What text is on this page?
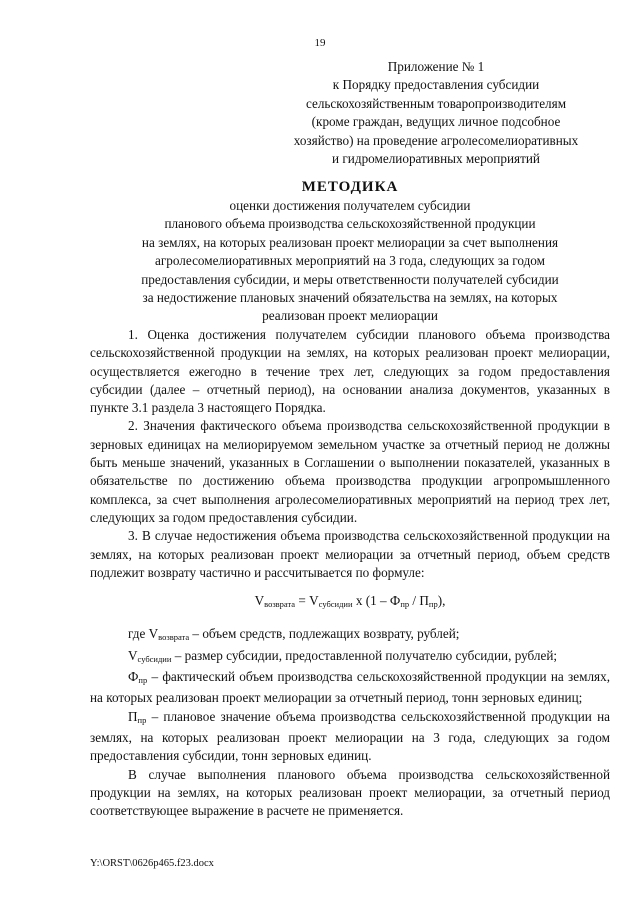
19
Приложение № 1
к Порядку предоставления субсидии
сельскохозяйственным товаропроизводителям
(кроме граждан, ведущих личное подсобное
хозяйство) на проведение агролесомелиоративных
и гидромелиоративных мероприятий
МЕТОДИКА
оценки достижения получателем субсидии
планового объема производства сельскохозяйственной продукции
на землях, на которых реализован проект мелиорации за счет выполнения
агролесомелиоративных мероприятий на 3 года, следующих за годом
предоставления субсидии, и меры ответственности получателей субсидии
за недостижение плановых значений обязательства на землях, на которых
реализован проект мелиорации

1. Оценка достижения получателем субсидии планового объема производства сельскохозяйственной продукции на землях, на которых реализован проект мелиорации, осуществляется ежегодно в течение трех лет, следующих за годом предоставления субсидии (далее – отчетный период), на основании анализа документов, указанных в пункте 3.1 раздела 3 настоящего Порядка.

2. Значения фактического объема производства сельскохозяйственной продукции в зерновых единицах на мелиорируемом земельном участке за отчетный период не должны быть меньше значений, указанных в Соглашении о выполнении показателей, указанных в обязательстве по достижению объема производства продукции агропромышленного комплекса, за счет выполнения агролесомелиоративных мероприятий на период трех лет, следующих за годом предоставления субсидии.

3. В случае недостижения объема производства сельскохозяйственной продукции на землях, на которых реализован проект мелиорации за отчетный период, объем средств подлежит возврату частично и рассчитывается по формуле:

$V_{возврата} = V_{субсидии}$ х $(1 - Ф_{пр} / П_{пр})$,

где $V_{возврата}$ – объем средств, подлежащих возврату, рублей;

$V_{субсидии}$ – размер субсидии, предоставленной получателю субсидии, рублей;

$Ф_{пр}$ – фактический объем производства сельскохозяйственной продукции на землях, на которых реализован проект мелиорации за отчетный период, тонн зерновых единиц;

$П_{пр}$ – плановое значение объема производства сельскохозяйственной продукции на землях, на которых реализован проект мелиорации на 3 года, следующих за годом предоставления субсидии, тонн зерновых единиц.

В случае выполнения планового объема производства сельскохозяйственной продукции на землях, на которых реализован проект мелиорации, за отчетный период соответствующее выражение в расчете не применяется.

Y:\ORST\0626p465.f23.docx
